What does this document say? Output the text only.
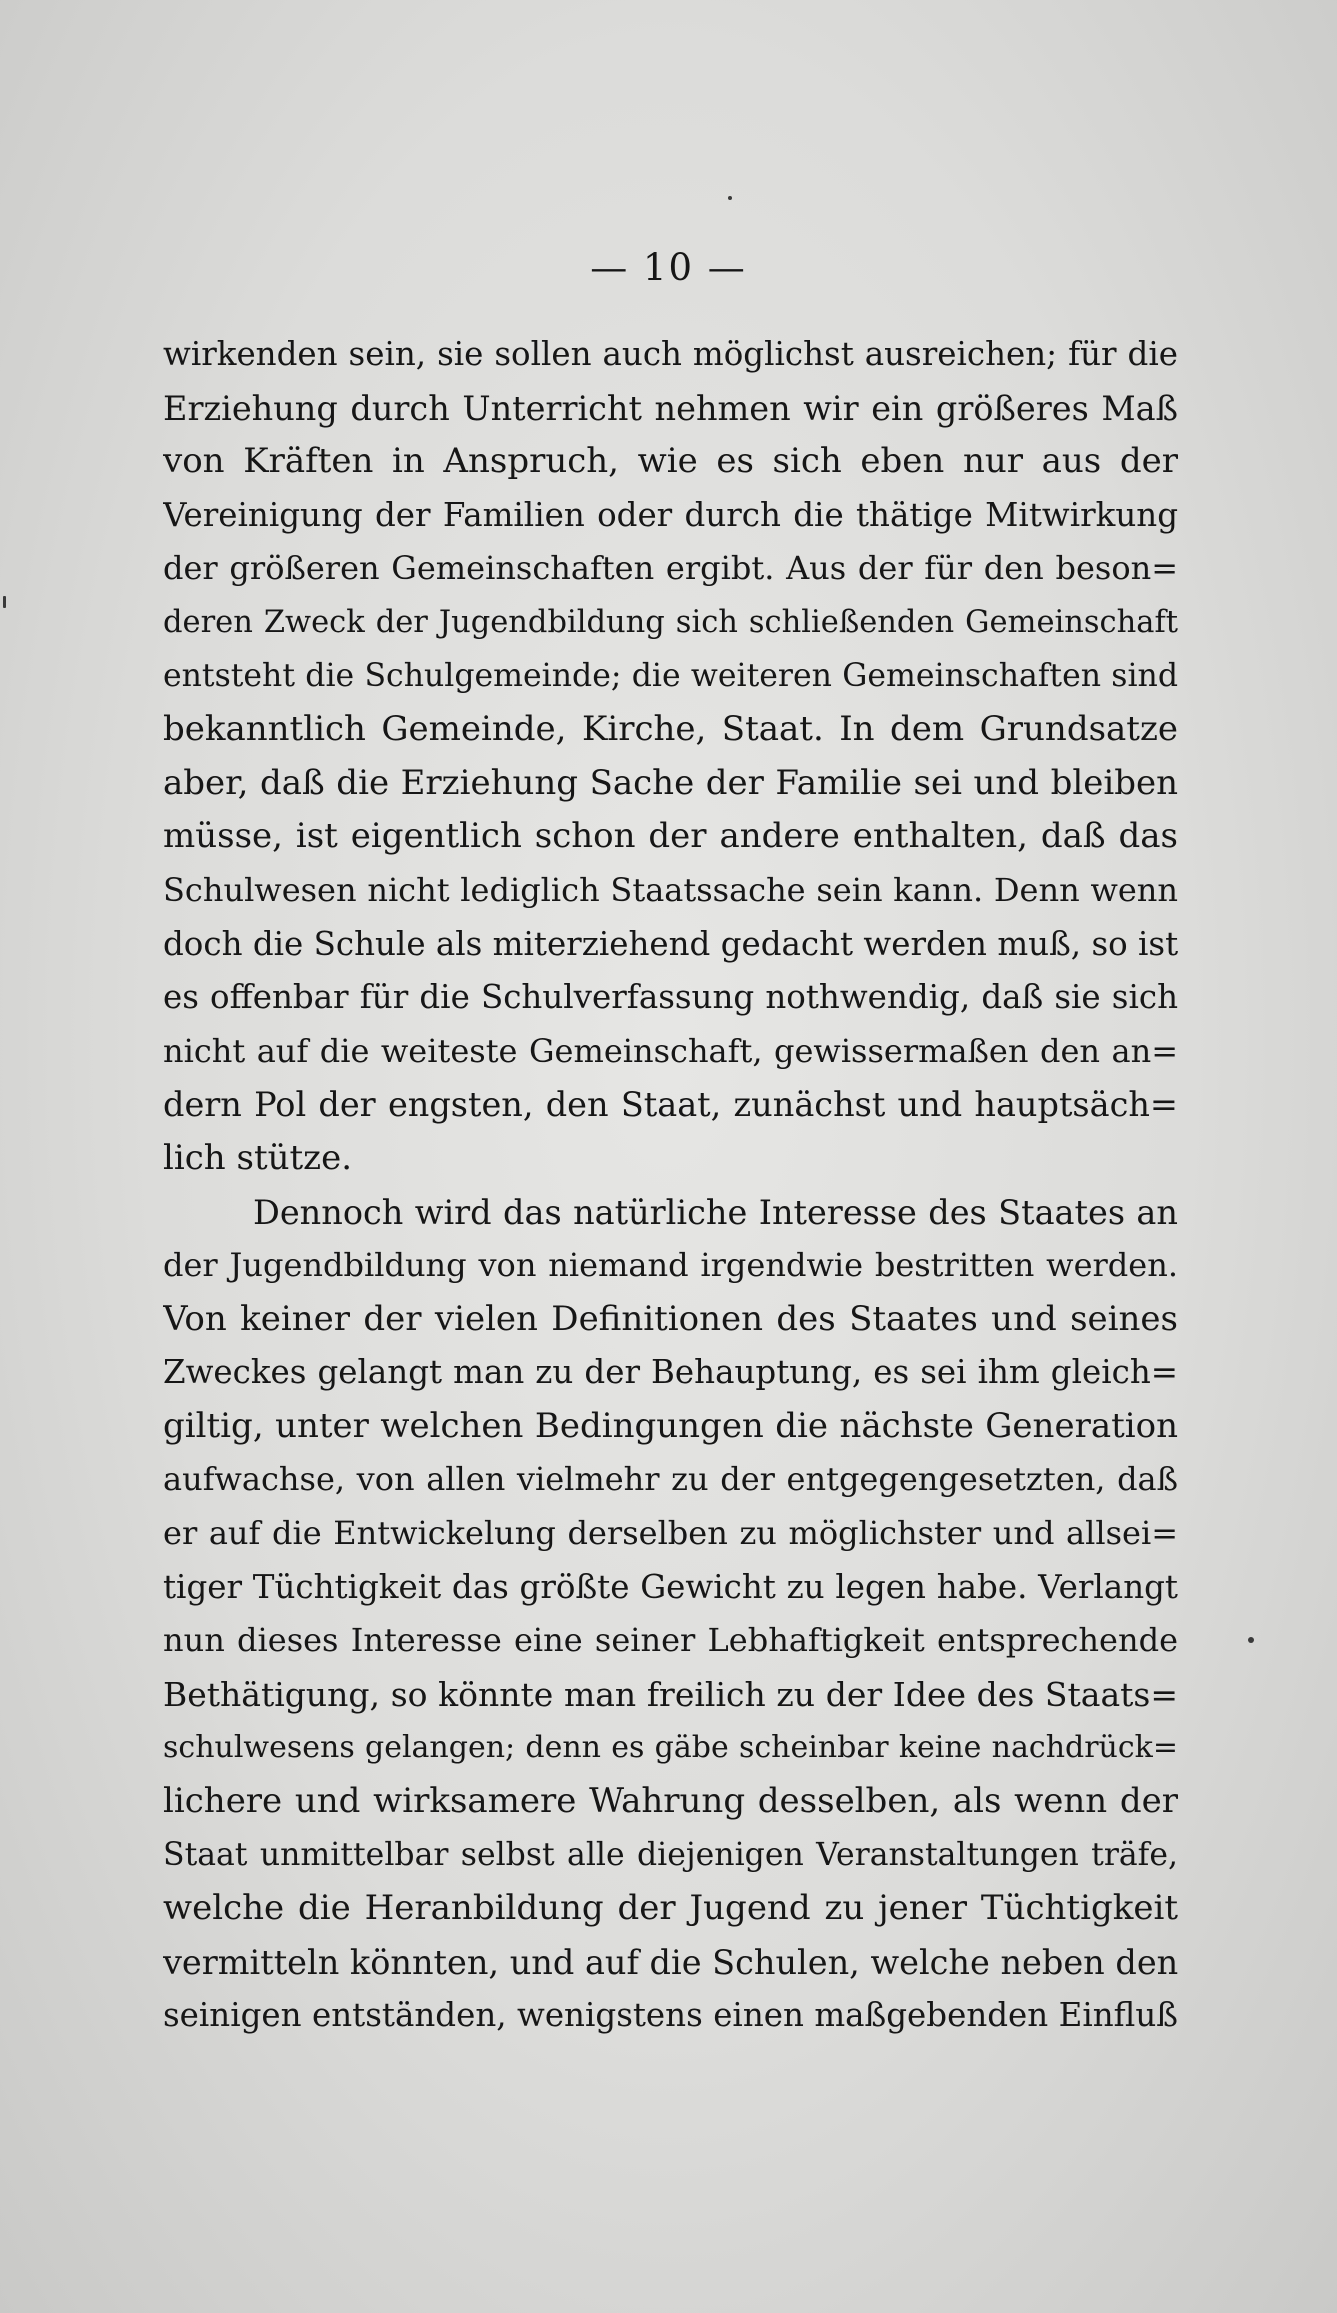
— 10 —
wirkenden sein, sie sollen auch möglichst ausreichen; für die
Erziehung durch Unterricht nehmen wir ein größeres Maß
von Kräften in Anspruch, wie es sich eben nur aus der
Vereinigung der Familien oder durch die thätige Mitwirkung
der größeren Gemeinschaften ergibt. Aus der für den beson=
deren Zweck der Jugendbildung sich schließenden Gemeinschaft
entsteht die Schulgemeinde; die weiteren Gemeinschaften sind
bekanntlich Gemeinde, Kirche, Staat. In dem Grundsatze
aber, daß die Erziehung Sache der Familie sei und bleiben
müsse, ist eigentlich schon der andere enthalten, daß das
Schulwesen nicht lediglich Staatssache sein kann. Denn wenn
doch die Schule als miterziehend gedacht werden muß, so ist
es offenbar für die Schulverfassung nothwendig, daß sie sich
nicht auf die weiteste Gemeinschaft, gewissermaßen den an=
dern Pol der engsten, den Staat, zunächst und hauptsäch=
lich stütze.
Dennoch wird das natürliche Interesse des Staates an
der Jugendbildung von niemand irgendwie bestritten werden.
Von keiner der vielen Definitionen des Staates und seines
Zweckes gelangt man zu der Behauptung, es sei ihm gleich=
giltig, unter welchen Bedingungen die nächste Generation
aufwachse, von allen vielmehr zu der entgegengesetzten, daß
er auf die Entwickelung derselben zu möglichster und allsei=
tiger Tüchtigkeit das größte Gewicht zu legen habe. Verlangt
nun dieses Interesse eine seiner Lebhaftigkeit entsprechende
Bethätigung, so könnte man freilich zu der Idee des Staats=
schulwesens gelangen; denn es gäbe scheinbar keine nachdrück=
lichere und wirksamere Wahrung desselben, als wenn der
Staat unmittelbar selbst alle diejenigen Veranstaltungen träfe,
welche die Heranbildung der Jugend zu jener Tüchtigkeit
vermitteln könnten, und auf die Schulen, welche neben den
seinigen entständen, wenigstens einen maßgebenden Einfluß
